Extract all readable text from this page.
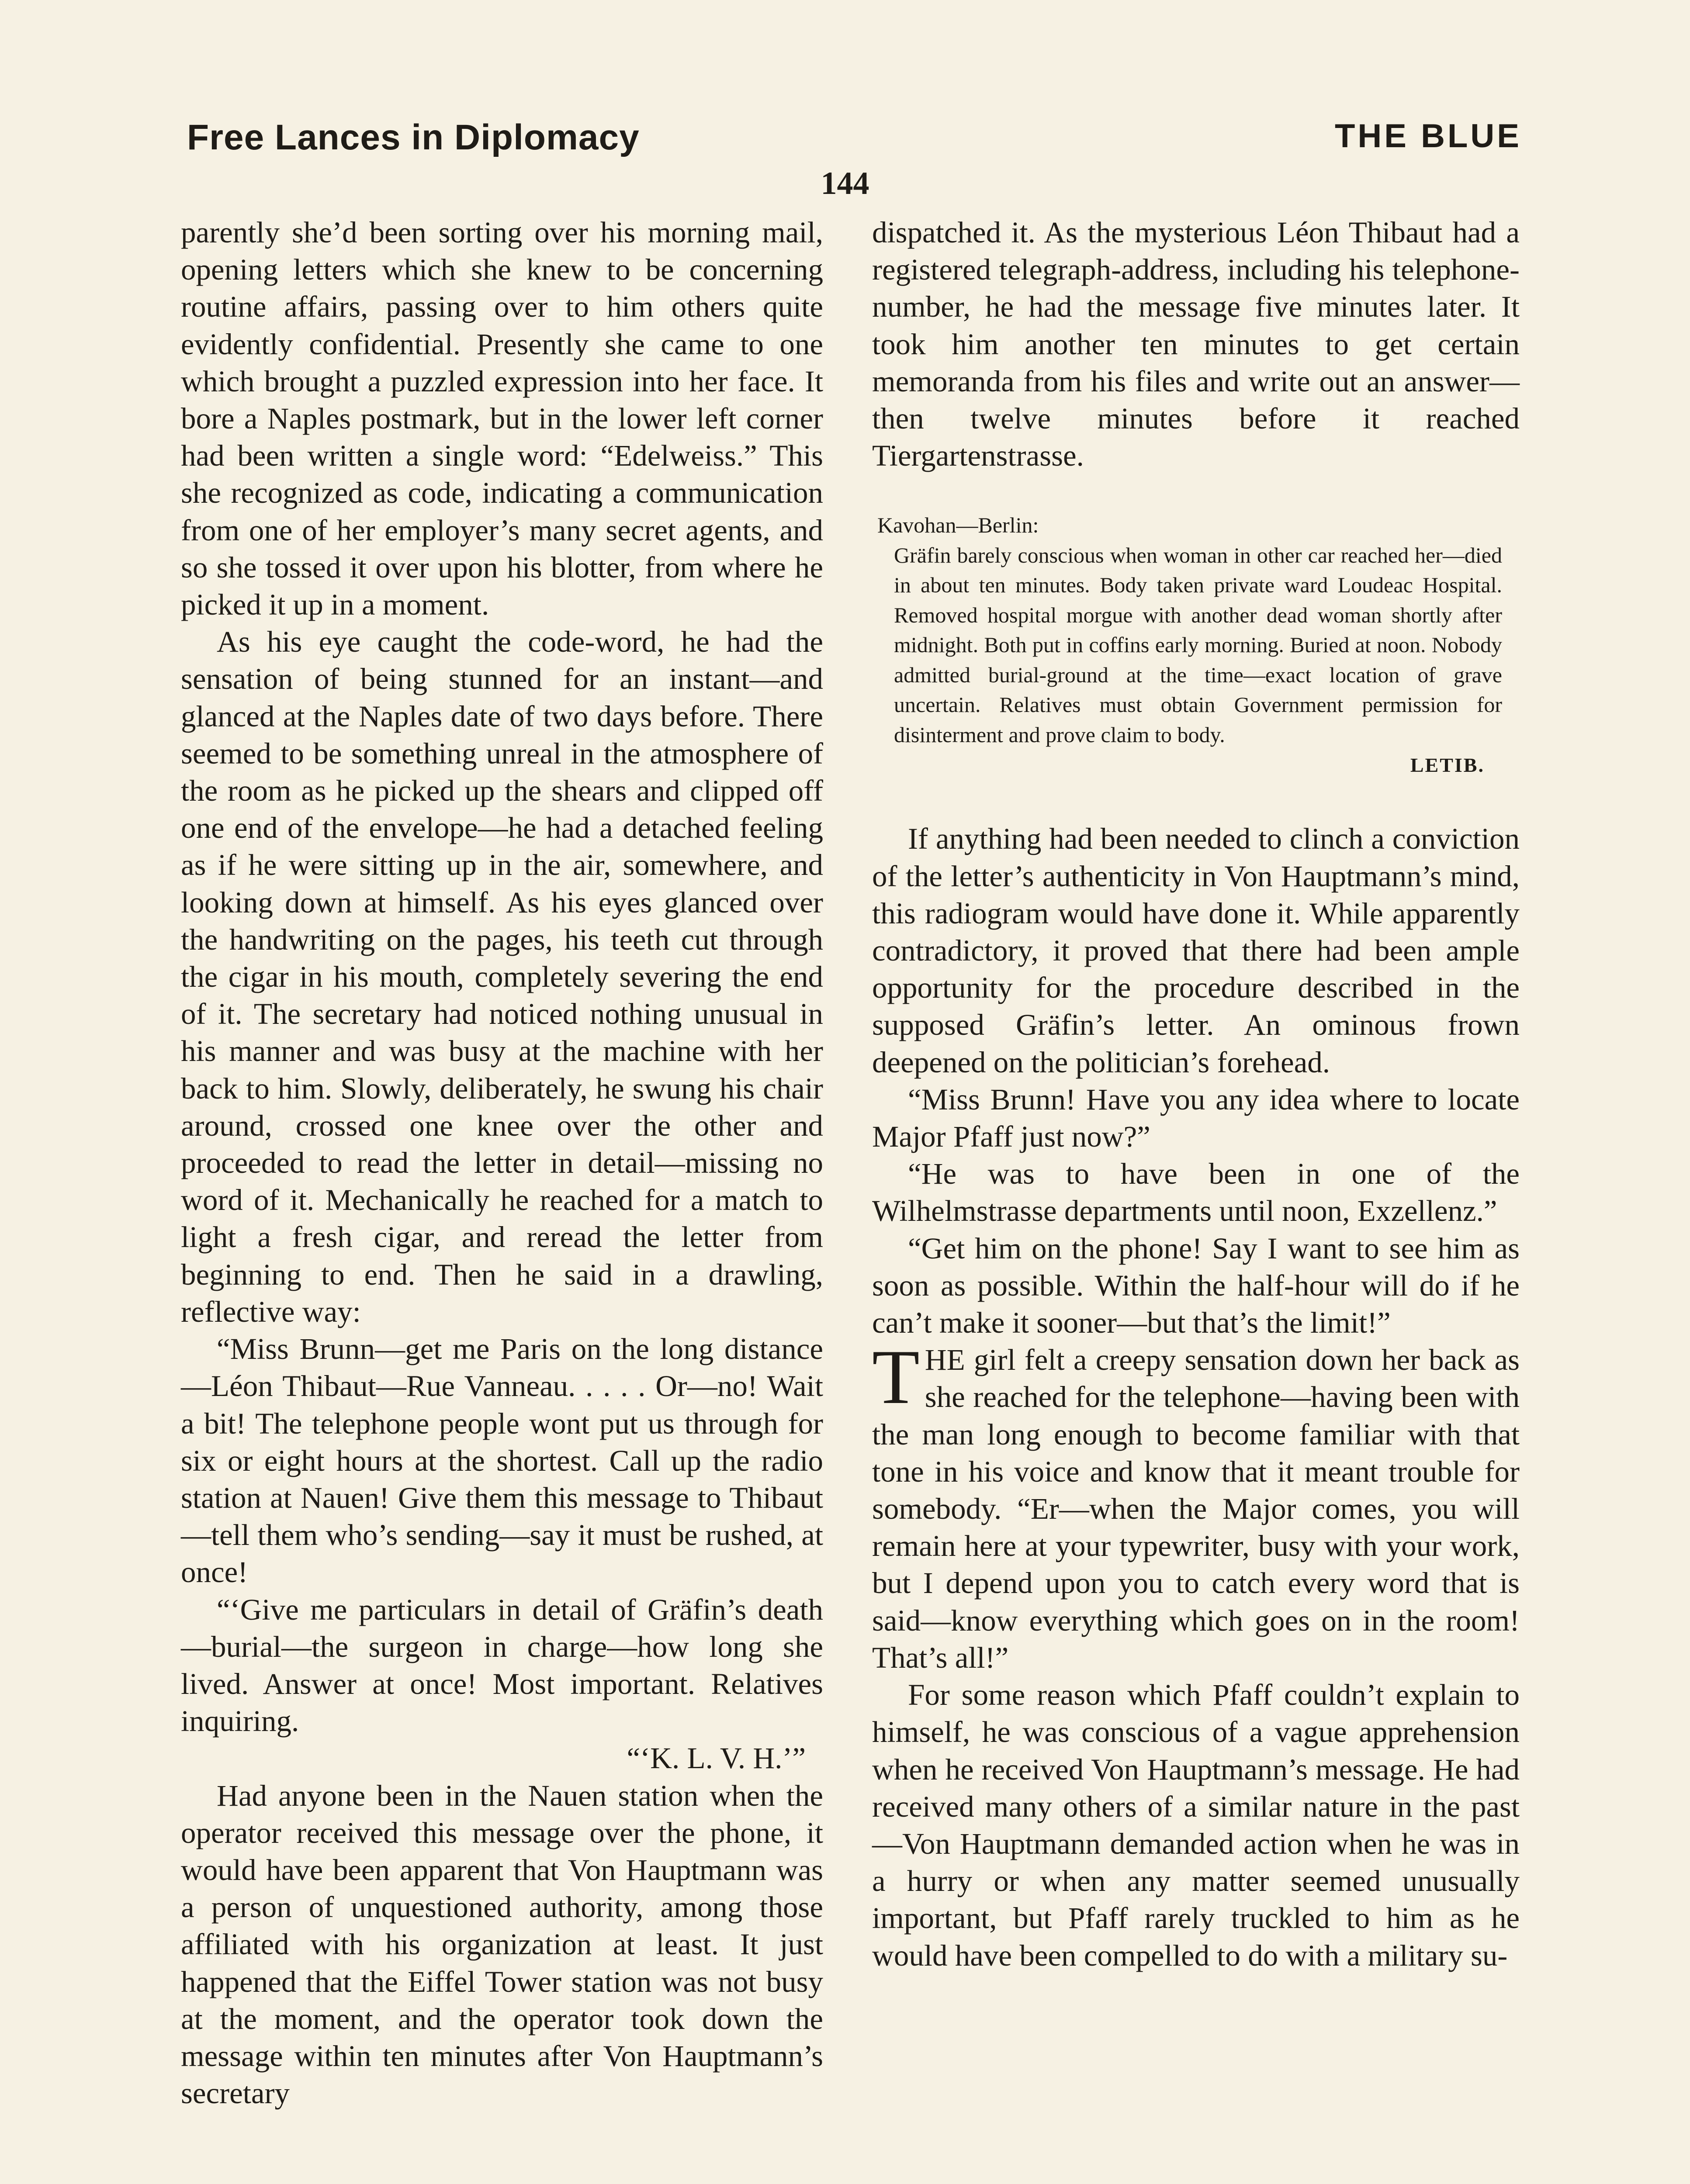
Free Lances in Diplomacy	THE BLUE
144

parently she’d been sorting over his morning mail, opening letters which she knew to be concerning routine affairs, passing over to him others quite evidently confidential. Presently she came to one which brought a puzzled expression into her face. It bore a Naples postmark, but in the lower left corner had been written a single word: “Edelweiss.” This she recognized as code, indicating a communication from one of her employer’s many secret agents, and so she tossed it over upon his blotter, from where he picked it up in a moment.

As his eye caught the code-word, he had the sensation of being stunned for an instant—and glanced at the Naples date of two days before. There seemed to be something unreal in the atmosphere of the room as he picked up the shears and clipped off one end of the envelope—he had a detached feeling as if he were sitting up in the air, somewhere, and looking down at himself. As his eyes glanced over the handwriting on the pages, his teeth cut through the cigar in his mouth, completely severing the end of it. The secretary had noticed nothing unusual in his manner and was busy at the machine with her back to him. Slowly, deliberately, he swung his chair around, crossed one knee over the other and proceeded to read the letter in detail—missing no word of it. Mechanically he reached for a match to light a fresh cigar, and reread the letter from beginning to end. Then he said in a drawling, reflective way:

“Miss Brunn—get me Paris on the long distance—Léon Thibaut—Rue Vanneau. . . . . Or—no! Wait a bit! The telephone people wont put us through for six or eight hours at the shortest. Call up the radio station at Nauen! Give them this message to Thibaut—tell them who’s sending—say it must be rushed, at once!

“‘Give me particulars in detail of Gräfin’s death—burial—the surgeon in charge—how long she lived. Answer at once! Most important. Relatives inquiring.

“‘K. L. V. H.’”

Had anyone been in the Nauen station when the operator received this message over the phone, it would have been apparent that Von Hauptmann was a person of unquestioned authority, among those affiliated with his organization at least. It just happened that the Eiffel Tower station was not busy at the moment, and the operator took down the message within ten minutes after Von Hauptmann’s secretary

dispatched it. As the mysterious Léon Thibaut had a registered telegraph-address, including his telephone-number, he had the message five minutes later. It took him another ten minutes to get certain memoranda from his files and write out an answer—then twelve minutes before it reached Tiergartenstrasse.

Kavohan—Berlin:

Gräfin barely conscious when woman in other car reached her—died in about ten minutes. Body taken private ward Loudeac Hospital. Removed hospital morgue with another dead woman shortly after midnight. Both put in coffins early morning. Buried at noon. Nobody admitted burial-ground at the time—exact location of grave uncertain. Relatives must obtain Government permission for disinterment and prove claim to body.

LETIB.

If anything had been needed to clinch a conviction of the letter’s authenticity in Von Hauptmann’s mind, this radiogram would have done it. While apparently contradictory, it proved that there had been ample opportunity for the procedure described in the supposed Gräfin’s letter. An ominous frown deepened on the politician’s forehead.

“Miss Brunn! Have you any idea where to locate Major Pfaff just now?”

“He was to have been in one of the Wilhelmstrasse departments until noon, Exzellenz.”

“Get him on the phone! Say I want to see him as soon as possible. Within the half-hour will do if he can’t make it sooner—but that’s the limit!”

THE girl felt a creepy sensation down her back as she reached for the telephone—having been with the man long enough to become familiar with that tone in his voice and know that it meant trouble for somebody. “Er—when the Major comes, you will remain here at your typewriter, busy with your work, but I depend upon you to catch every word that is said—know everything which goes on in the room! That’s all!”

For some reason which Pfaff couldn’t explain to himself, he was conscious of a vague apprehension when he received Von Hauptmann’s message. He had received many others of a similar nature in the past —Von Hauptmann demanded action when he was in a hurry or when any matter seemed unusually important, but Pfaff rarely truckled to him as he would have been compelled to do with a military su-
